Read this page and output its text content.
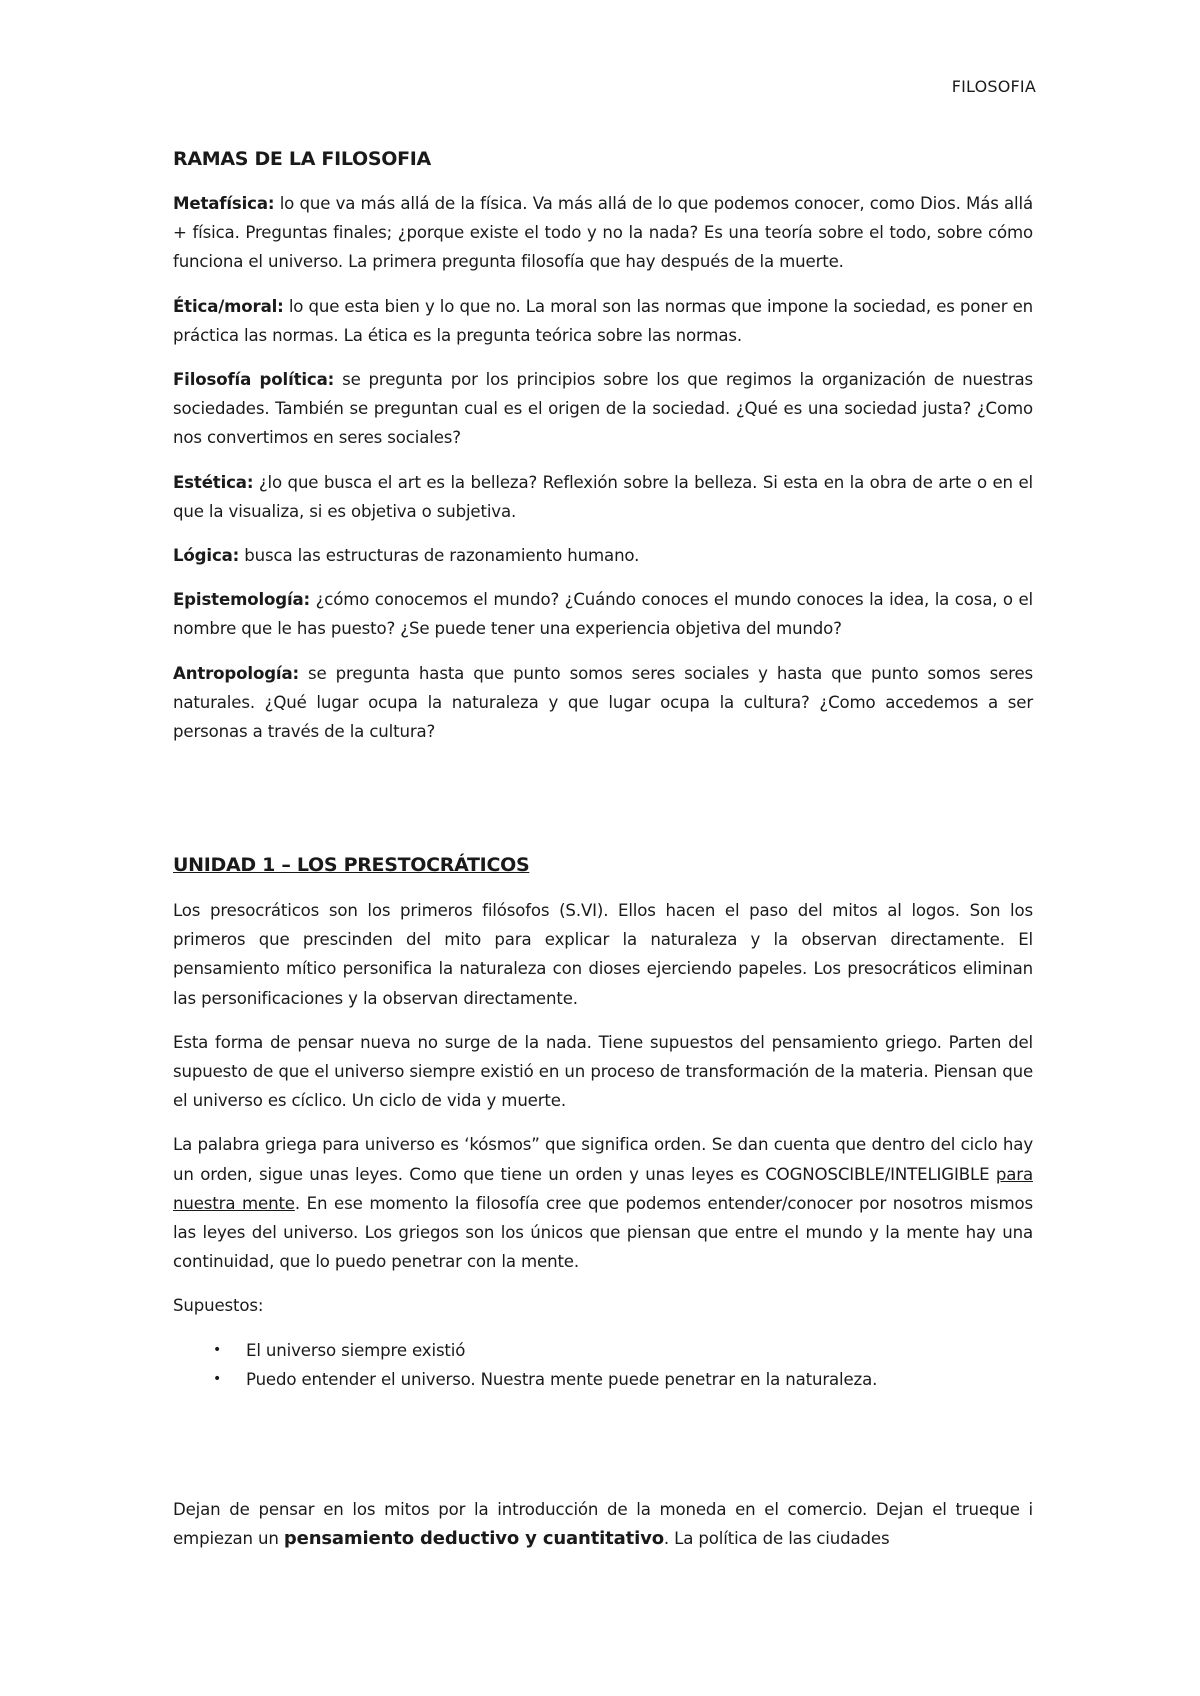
FILOSOFIA
RAMAS DE LA FILOSOFIA

Metafísica: lo que va más allá de la física. Va más allá de lo que podemos conocer, como Dios. Más allá + física. Preguntas finales; ¿porque existe el todo y no la nada? Es una teoría sobre el todo, sobre cómo funciona el universo. La primera pregunta filosofía que hay después de la muerte.

Ética/moral: lo que esta bien y lo que no. La moral son las normas que impone la sociedad, es poner en práctica las normas. La ética es la pregunta teórica sobre las normas.

Filosofía política: se pregunta por los principios sobre los que regimos la organización de nuestras sociedades. También se preguntan cual es el origen de la sociedad. ¿Qué es una sociedad justa? ¿Como nos convertimos en seres sociales?

Estética: ¿lo que busca el art es la belleza? Reflexión sobre la belleza. Si esta en la obra de arte o en el que la visualiza, si es objetiva o subjetiva.

Lógica: busca las estructuras de razonamiento humano.

Epistemología: ¿cómo conocemos el mundo? ¿Cuándo conoces el mundo conoces la idea, la cosa, o el nombre que le has puesto? ¿Se puede tener una experiencia objetiva del mundo?

Antropología: se pregunta hasta que punto somos seres sociales y hasta que punto somos seres naturales. ¿Qué lugar ocupa la naturaleza y que lugar ocupa la cultura? ¿Como accedemos a ser personas a través de la cultura?

UNIDAD 1 – LOS PRESTOCRÁTICOS

Los presocráticos son los primeros filósofos (S.VI). Ellos hacen el paso del mitos al logos. Son los primeros que prescinden del mito para explicar la naturaleza y la observan directamente. El pensamiento mítico personifica la naturaleza con dioses ejerciendo papeles. Los presocráticos eliminan las personificaciones y la observan directamente.

Esta forma de pensar nueva no surge de la nada. Tiene supuestos del pensamiento griego. Parten del supuesto de que el universo siempre existió en un proceso de transformación de la materia. Piensan que el universo es cíclico. Un ciclo de vida y muerte.

La palabra griega para universo es ‘kósmos” que significa orden. Se dan cuenta que dentro del ciclo hay un orden, sigue unas leyes. Como que tiene un orden y unas leyes es COGNOSCIBLE/INTELIGIBLE para nuestra mente. En ese momento la filosofía cree que podemos entender/conocer por nosotros mismos las leyes del universo. Los griegos son los únicos que piensan que entre el mundo y la mente hay una continuidad, que lo puedo penetrar con la mente.

Supuestos:

• El universo siempre existió
• Puedo entender el universo. Nuestra mente puede penetrar en la naturaleza.

Dejan de pensar en los mitos por la introducción de la moneda en el comercio. Dejan el trueque i empiezan un pensamiento deductivo y cuantitativo. La política de las ciudades
